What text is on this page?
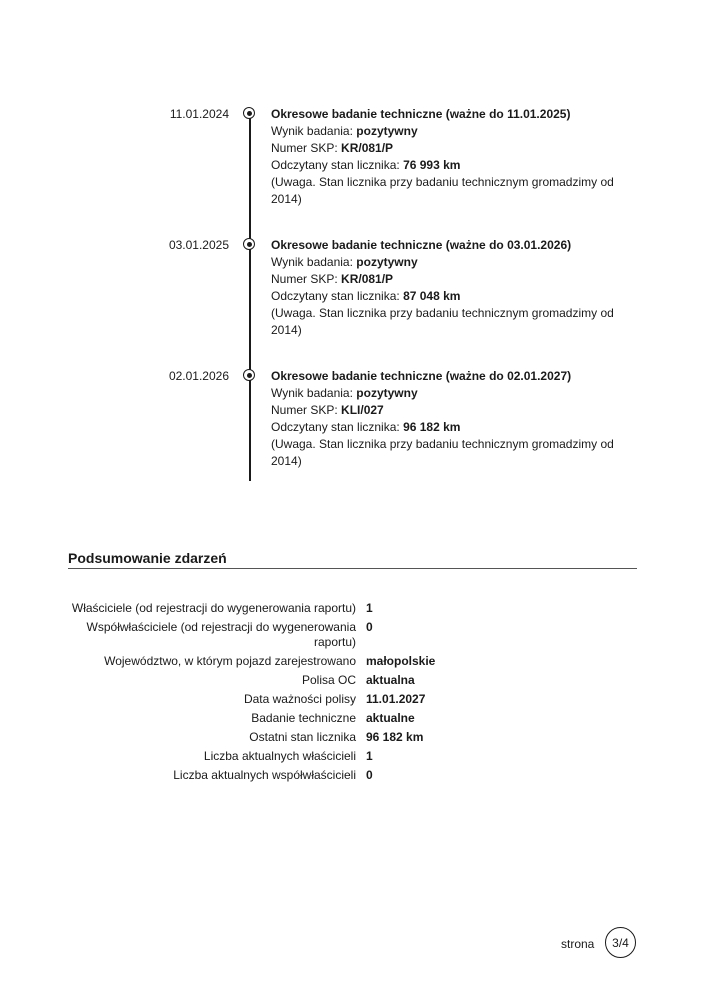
11.01.2024	Okresowe badanie techniczne (ważne do 11.01.2025)
Wynik badania: pozytywny
Numer SKP: KR/081/P
Odczytany stan licznika: 76 993 km
(Uwaga. Stan licznika przy badaniu technicznym gromadzimy od 2014)
03.01.2025	Okresowe badanie techniczne (ważne do 03.01.2026)
Wynik badania: pozytywny
Numer SKP: KR/081/P
Odczytany stan licznika: 87 048 km
(Uwaga. Stan licznika przy badaniu technicznym gromadzimy od 2014)
02.01.2026	Okresowe badanie techniczne (ważne do 02.01.2027)
Wynik badania: pozytywny
Numer SKP: KLI/027
Odczytany stan licznika: 96 182 km
(Uwaga. Stan licznika przy badaniu technicznym gromadzimy od 2014)
Podsumowanie zdarzeń
Właściciele (od rejestracji do wygenerowania raportu) 1
Współwłaściciele (od rejestracji do wygenerowania raportu)
0
Województwo, w którym pojazd zarejestrowano małopolskie
Polisa OC aktualna
Data ważności polisy 11.01.2027
Badanie techniczne aktualne
Ostatni stan licznika 96 182 km
Liczba aktualnych właścicieli 1
Liczba aktualnych współwłaścicieli 0
strona	3/4
